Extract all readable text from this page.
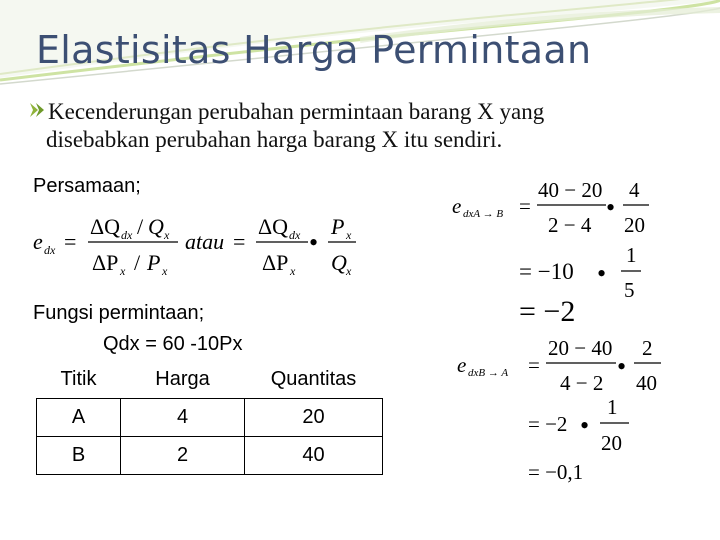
Elastisitas Harga Permintaan
Kecenderungan perubahan permintaan barang X yang
disebabkan perubahan harga barang X itu sendiri.
Persamaan;
Fungsi permintaan;
Qdx = 60 -10Px
Titik	Harga	Quantitas
A	4	20
B	2	40
e dx =
ΔQ dx / Q x
ΔP x / P x
atau =
ΔQ dx
ΔP x
•
P x
Q x
e dxA → B =
40 − 20
2 − 4
•
4
20
= −10 •
1
5
= −2
e dxB → A =
20 − 40
4 − 2
•
2
40
= −2 •
1
20
= −0,1
